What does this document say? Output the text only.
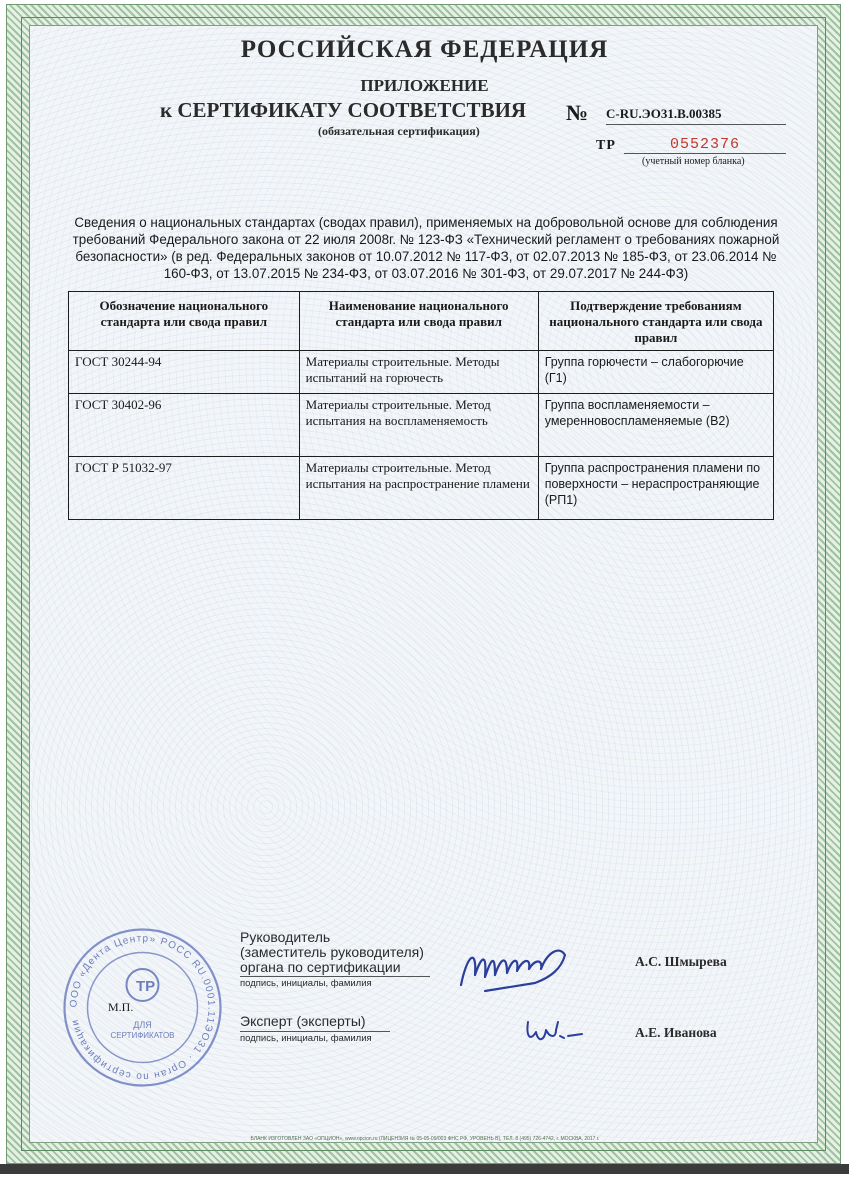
РОССИЙСКАЯ ФЕДЕРАЦИЯ
ПРИЛОЖЕНИЕ
к СЕРТИФИКАТУ СООТВЕТСТВИЯ № C-RU.ЭО31.B.00385
(обязательная сертификация)
ТР	0552376
(учетный номер бланка)
Сведения о национальных стандартах (сводах правил), применяемых на добровольной основе для соблюдения требований Федерального закона от 22 июля 2008г. № 123-ФЗ «Технический регламент о требованиях пожарной безопасности» (в ред. Федеральных законов от 10.07.2012 № 117-ФЗ, от 02.07.2013 № 185-ФЗ, от 23.06.2014 № 160-ФЗ, от 13.07.2015 № 234-ФЗ, от 03.07.2016 № 301-ФЗ, от 29.07.2017 № 244-ФЗ)
Обозначение национального стандарта или свода правил	Наименование национального стандарта или свода правил	Подтверждение требованиям национального стандарта или свода правил
ГОСТ 30244-94	Материалы строительные. Методы испытаний на горючесть	Группа горючести – слабогорючие (Г1)
ГОСТ 30402-96	Материалы строительные. Метод испытания на воспламеняемость	Группа воспламеняемости – умеренновоспламеняемые (В2)
ГОСТ Р 51032-97	Материалы строительные. Метод испытания на распространение пламени	Группа распространения пламени по поверхности – нераспространяющие (РП1)
ООО «Дента Центр» РОСС RU.0001.11ЭО31 · Орган по сертификации
ТР
ДЛЯ
СЕРТИФИКАТОВ
М.П.
Руководитель
(заместитель руководителя)
органа по сертификации
подпись, инициалы, фамилия
А.С. Шмырева
Эксперт (эксперты)
подпись, инициалы, фамилия	А.Е. Иванова
БЛАНК ИЗГОТОВЛЕН ЗАО «ОПЦИОН», www.opcion.ru (ЛИЦЕНЗИЯ № 05-05-09/003 ФНС РФ, УРОВЕНЬ В), ТЕЛ. 8 (495) 726-4742, г. МОСКВА, 2017 г.
